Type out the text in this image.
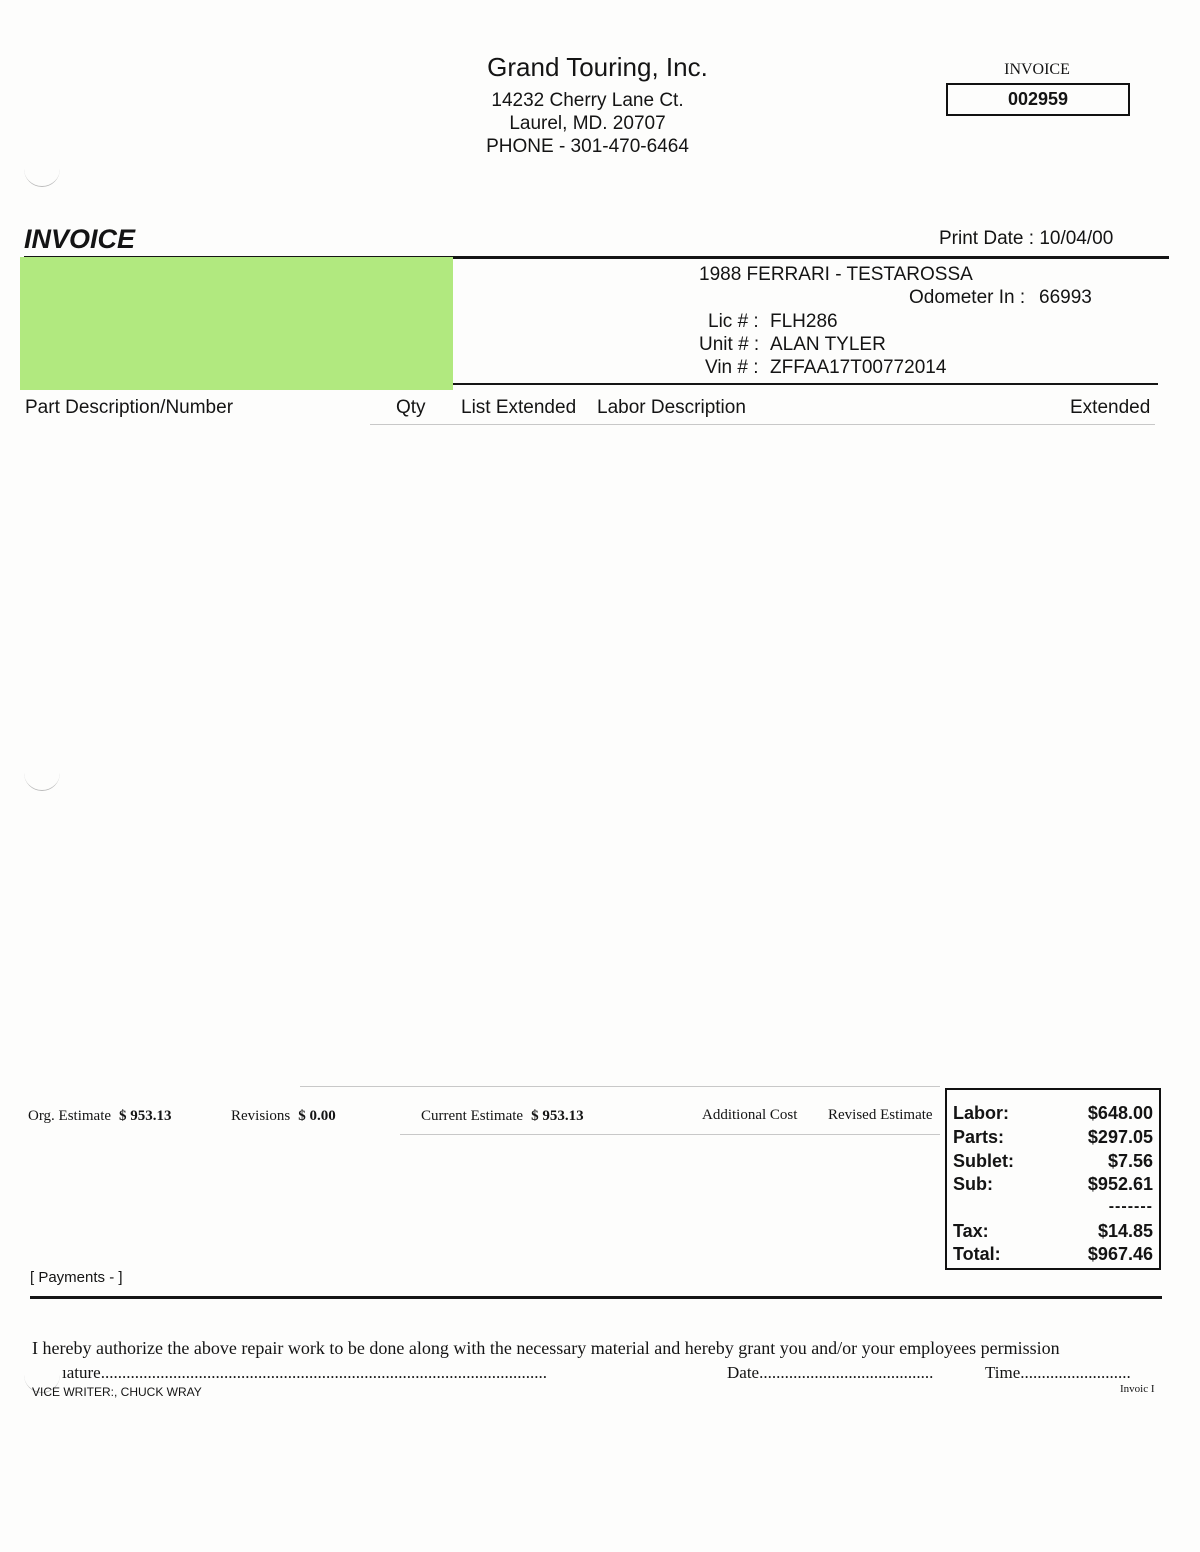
Grand Touring, Inc.
14232 Cherry Lane Ct.
Laurel, MD. 20707
PHONE - 301-470-6464
INVOICE
002959
INVOICE	Print Date : 10/04/00
1988 FERRARI - TESTAROSSA
Odometer In : 66993
Lic # : FLH286
Unit # : ALAN TYLER
Vin # : ZFFAA17T00772014
Part Description/Number	Qty List Extended Labor Description	Extended
Org. Estimate $ 953.13	Revisions $ 0.00	Current Estimate $ 953.13	Additional Cost Revised Estimate Labor:	$648.00
Parts:	$297.05
Sublet:	$7.56
Sub:	$952.61
-------
Tax:	$14.85
Total:	$967.46
[ Payments - ]
I hereby authorize the above repair work to be done along with the necessary material and hereby grant you and/or your employees permission
ıature.........................................................................................................	Date.........................................	Time..........................
VICE WRITER:, CHUCK WRAY	Invoic I
